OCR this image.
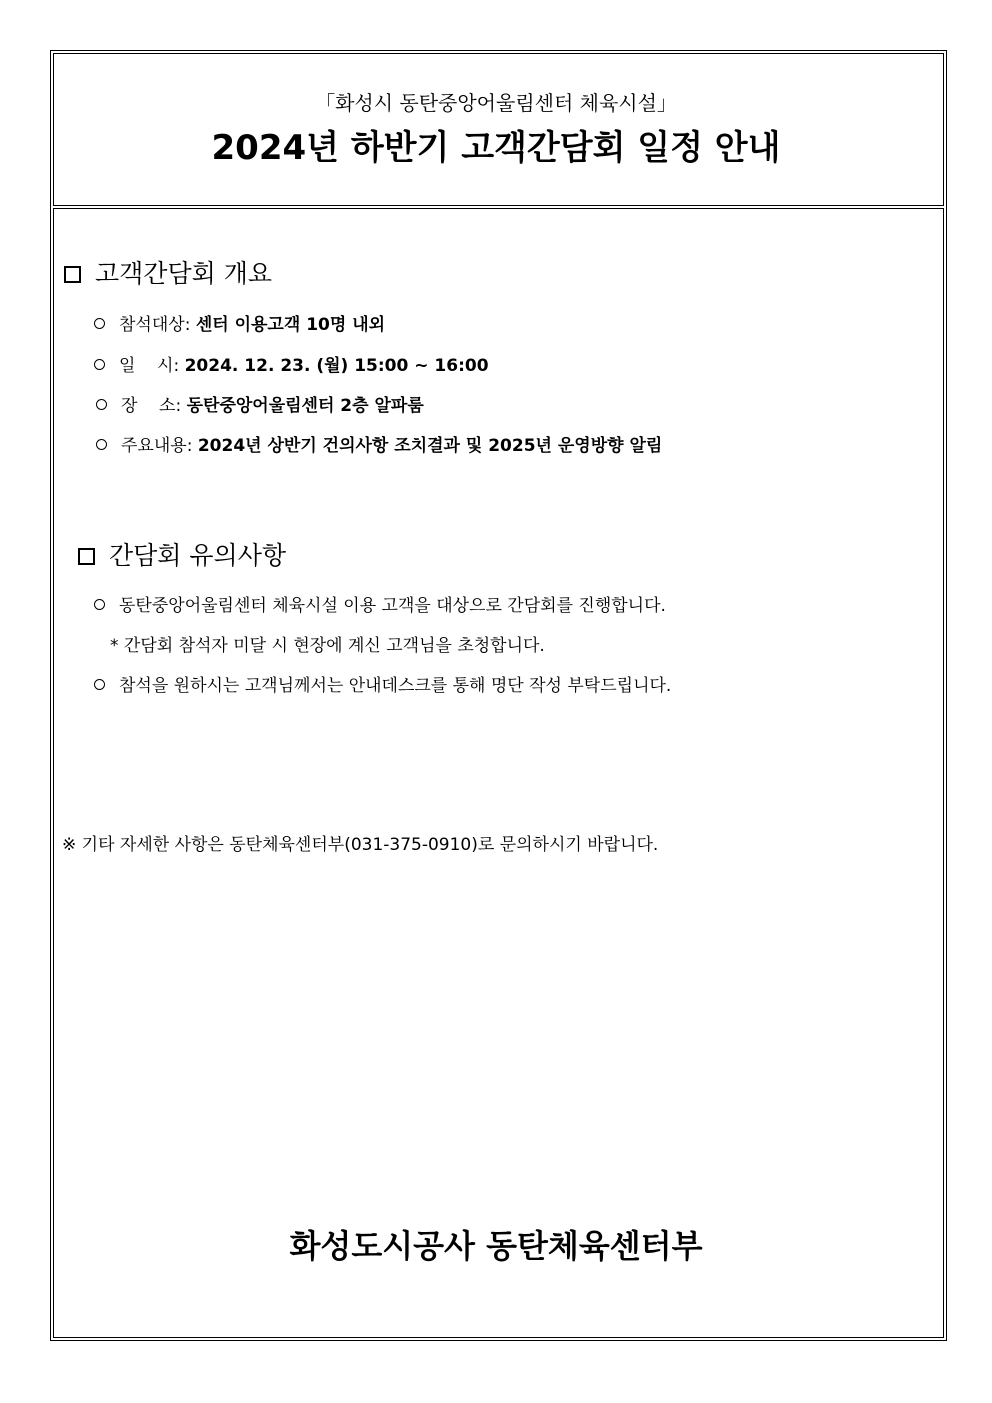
「화성시 동탄중앙어울림센터 체육시설」
2024년 하반기 고객간담회 일정 안내
고객간담회 개요
참석대상: 센터 이용고객 10명 내외
일    시: 2024. 12. 23. (월) 15:00 ~ 16:00
장    소: 동탄중앙어울림센터 2층 알파룸
주요내용: 2024년 상반기 건의사항 조치결과 및 2025년 운영방향 알림
간담회 유의사항
동탄중앙어울림센터 체육시설 이용 고객을 대상으로 간담회를 진행합니다.
* 간담회 참석자 미달 시 현장에 계신 고객님을 초청합니다.
참석을 원하시는 고객님께서는 안내데스크를 통해 명단 작성 부탁드립니다.
※ 기타 자세한 사항은 동탄체육센터부(031-375-0910)로 문의하시기 바랍니다.
화성도시공사 동탄체육센터부
